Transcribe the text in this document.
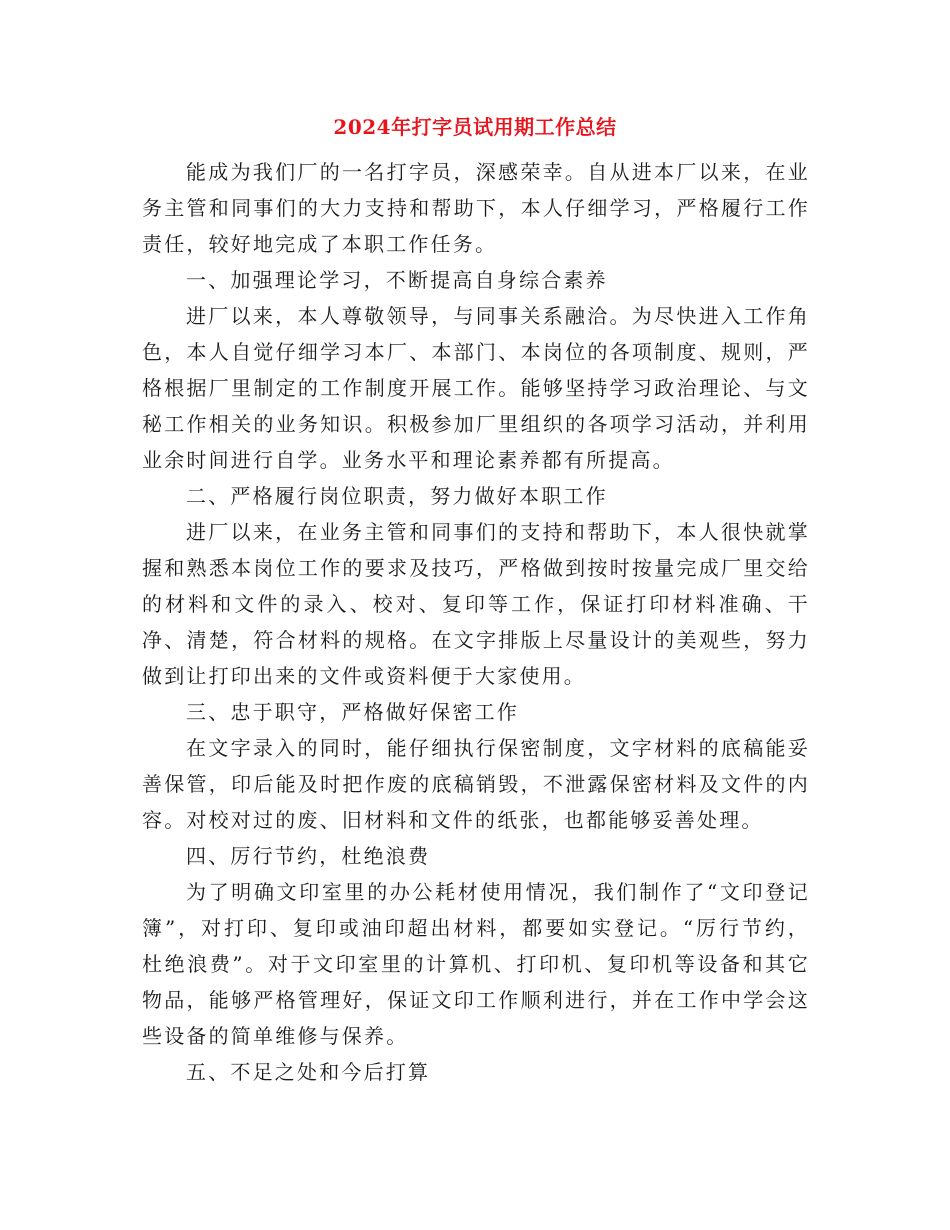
2024年打字员试用期工作总结

能成为我们厂的一名打字员，深感荣幸。自从进本厂以来，在业务主管和同事们的大力支持和帮助下，本人仔细学习，严格履行工作责任，较好地完成了本职工作任务。

一、加强理论学习，不断提高自身综合素养

进厂以来，本人尊敬领导，与同事关系融洽。为尽快进入工作角色，本人自觉仔细学习本厂、本部门、本岗位的各项制度、规则，严格根据厂里制定的工作制度开展工作。能够坚持学习政治理论、与文秘工作相关的业务知识。积极参加厂里组织的各项学习活动，并利用业余时间进行自学。业务水平和理论素养都有所提高。

二、严格履行岗位职责，努力做好本职工作

进厂以来，在业务主管和同事们的支持和帮助下，本人很快就掌握和熟悉本岗位工作的要求及技巧，严格做到按时按量完成厂里交给的材料和文件的录入、校对、复印等工作，保证打印材料准确、干净、清楚，符合材料的规格。在文字排版上尽量设计的美观些，努力做到让打印出来的文件或资料便于大家使用。

三、忠于职守，严格做好保密工作

在文字录入的同时，能仔细执行保密制度，文字材料的底稿能妥善保管，印后能及时把作废的底稿销毁，不泄露保密材料及文件的内容。对校对过的废、旧材料和文件的纸张，也都能够妥善处理。

四、厉行节约，杜绝浪费

为了明确文印室里的办公耗材使用情况，我们制作了“文印登记簿”，对打印、复印或油印超出材料，都要如实登记。“厉行节约，杜绝浪费”。对于文印室里的计算机、打印机、复印机等设备和其它物品，能够严格管理好，保证文印工作顺利进行，并在工作中学会这些设备的简单维修与保养。

五、不足之处和今后打算
